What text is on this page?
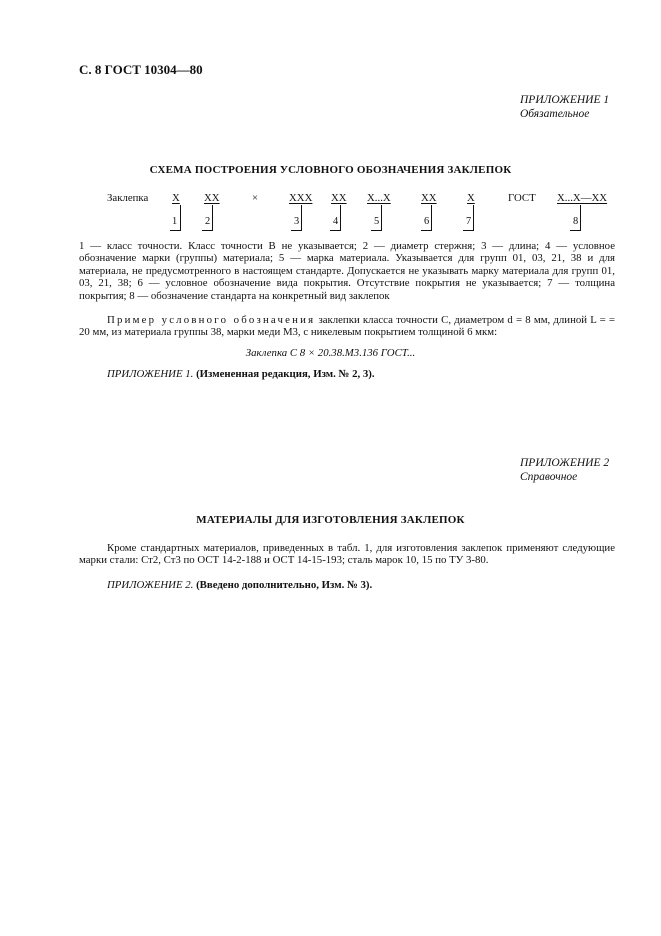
С. 8 ГОСТ 10304—80
ПРИЛОЖЕНИЕ 1
Обязательное
СХЕМА ПОСТРОЕНИЯ УСЛОВНОГО ОБОЗНАЧЕНИЯ ЗАКЛЕПОК
Заклепка X XX	×	XXX XX X...X	XX	X	ГОСТ X...X—XX
1	2	3	4	5	6	7	8
1 — класс точности. Класс точности В не указывается; 2 — диаметр стержня; 3 — длина; 4 — условное обозначение марки (группы) материала; 5 — марка материала. Указывается для групп 01, 03, 21, 38 и для материала, не предусмотренного в настоящем стандарте. Допускается не указывать марку материала для групп 01, 03, 21, 38; 6 — условное обозначение вида покрытия. Отсутствие покрытия не указывается; 7 — толщина покрытия; 8 — обозначение стандарта на конкретный вид заклепок
Пример условного обозначения заклепки класса точности С, диаметром d = 8 мм, длиной L = = 20 мм, из материала группы 38, марки меди М3, с никелевым покрытием толщиной 6 мкм:
Заклепка С 8 × 20.38.М3.136 ГОСТ...
ПРИЛОЖЕНИЕ 1. (Измененная редакция, Изм. № 2, 3).
ПРИЛОЖЕНИЕ 2
Справочное
МАТЕРИАЛЫ ДЛЯ ИЗГОТОВЛЕНИЯ ЗАКЛЕПОК
Кроме стандартных материалов, приведенных в табл. 1, для изготовления заклепок применяют следующие марки стали: Ст2, Ст3 по ОСТ 14-2-188 и ОСТ 14-15-193; сталь марок 10, 15 по ТУ 3-80.
ПРИЛОЖЕНИЕ 2. (Введено дополнительно, Изм. № 3).
